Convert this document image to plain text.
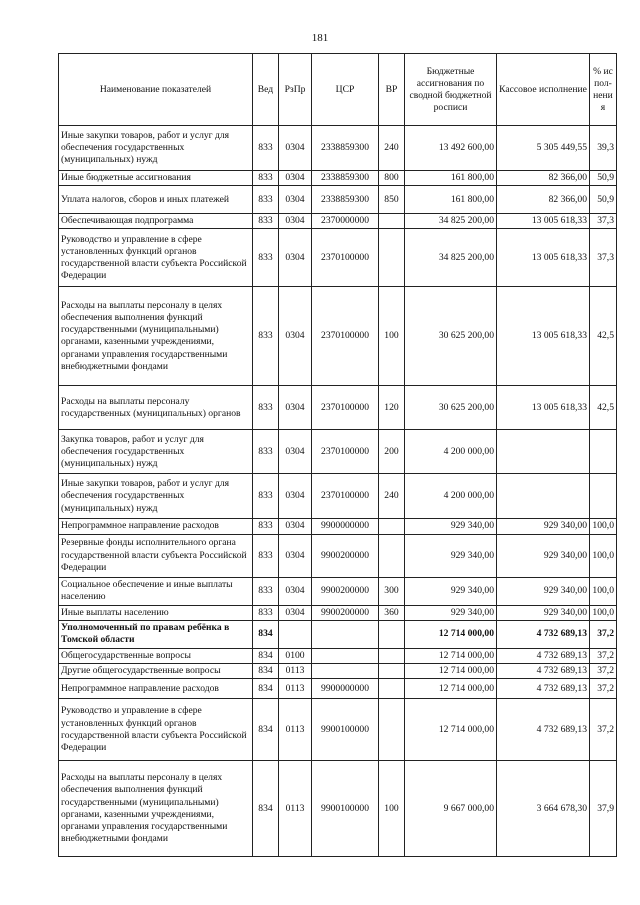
181
Наименование показателей	Вед	РзПр	ЦСР	ВР	Бюджетные ассигнования по сводной бюджетной росписи	Кассовое исполнение	% испол-нения
Иные закупки товаров, работ и услуг для обеспечения государственных (муниципальных) нужд	833	0304	2338859300	240	13 492 600,00	5 305 449,55	39,3
Иные бюджетные ассигнования	833	0304	2338859300	800	161 800,00	82 366,00	50,9
Уплата налогов, сборов и иных платежей	833	0304	2338859300	850	161 800,00	82 366,00	50,9
Обеспечивающая подпрограмма	833	0304	2370000000		34 825 200,00	13 005 618,33	37,3
Руководство и управление в сфере установленных функций органов государственной власти субъекта Российской Федерации	833	0304	2370100000		34 825 200,00	13 005 618,33	37,3
Расходы на выплаты персоналу в целях обеспечения выполнения функций государственными (муниципальными) органами, казенными учреждениями, органами управления государственными внебюджетными фондами	833	0304	2370100000	100	30 625 200,00	13 005 618,33	42,5
Расходы на выплаты персоналу государственных (муниципальных) органов	833	0304	2370100000	120	30 625 200,00	13 005 618,33	42,5
Закупка товаров, работ и услуг для обеспечения государственных (муниципальных) нужд	833	0304	2370100000	200	4 200 000,00		
Иные закупки товаров, работ и услуг для обеспечения государственных (муниципальных) нужд	833	0304	2370100000	240	4 200 000,00		
Непрограммное направление расходов	833	0304	9900000000		929 340,00	929 340,00	100,0
Резервные фонды исполнительного органа государственной власти субъекта Российской Федерации	833	0304	9900200000		929 340,00	929 340,00	100,0
Социальное обеспечение и иные выплаты населению	833	0304	9900200000	300	929 340,00	929 340,00	100,0
Иные выплаты населению	833	0304	9900200000	360	929 340,00	929 340,00	100,0
Уполномоченный по правам ребёнка в Томской области	834				12 714 000,00	4 732 689,13	37,2
Общегосударственные вопросы	834	0100			12 714 000,00	4 732 689,13	37,2
Другие общегосударственные вопросы	834	0113			12 714 000,00	4 732 689,13	37,2
Непрограммное направление расходов	834	0113	9900000000		12 714 000,00	4 732 689,13	37,2
Руководство и управление в сфере установленных функций органов государственной власти субъекта Российской Федерации	834	0113	9900100000		12 714 000,00	4 732 689,13	37,2
Расходы на выплаты персоналу в целях обеспечения выполнения функций государственными (муниципальными) органами, казенными учреждениями, органами управления государственными внебюджетными фондами	834	0113	9900100000	100	9 667 000,00	3 664 678,30	37,9
